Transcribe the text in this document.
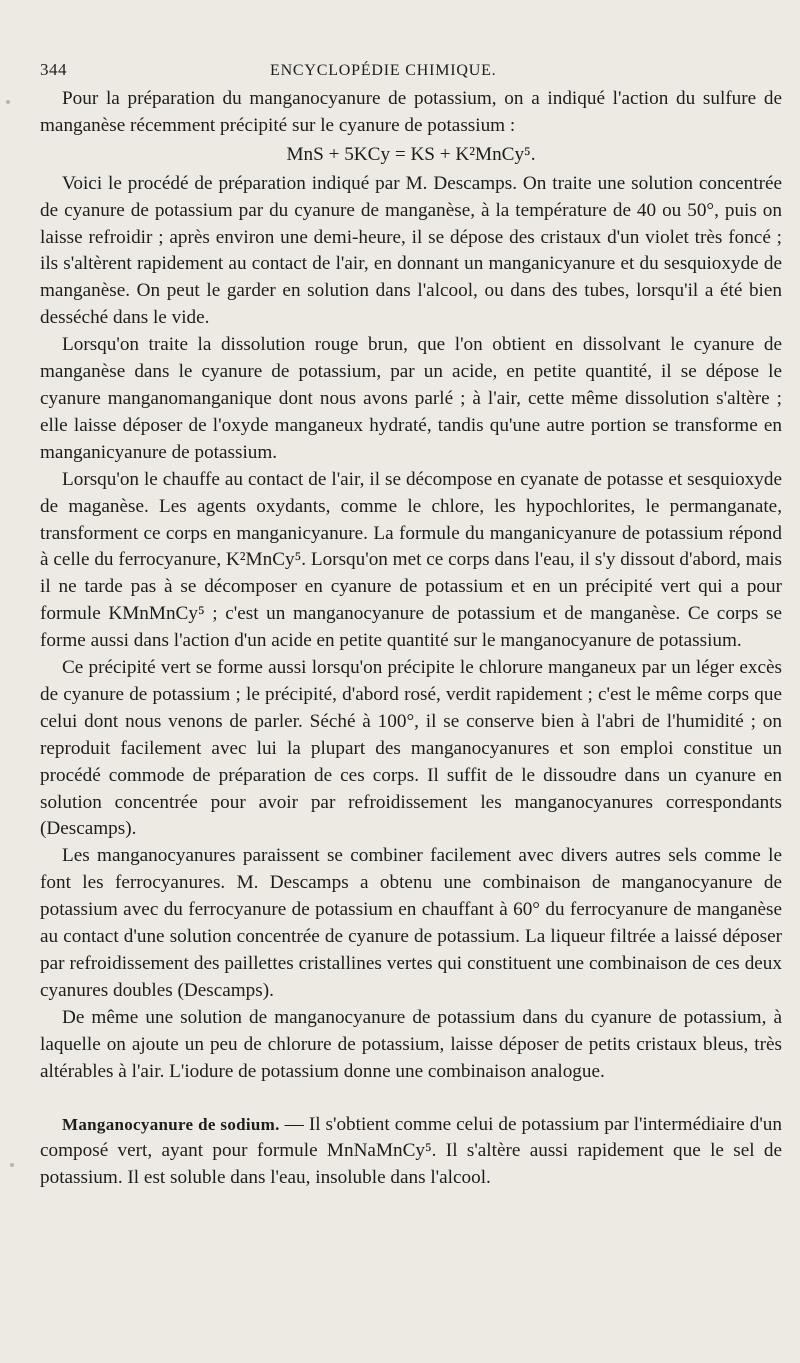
344	ENCYCLOPÉDIE CHIMIQUE.

Pour la préparation du manganocyanure de potassium, on a indiqué l'action du sulfure de manganèse récemment précipité sur le cyanure de potassium :

MnS + 5KCy = KS + K²MnCy⁵.

Voici le procédé de préparation indiqué par M. Descamps. On traite une solution concentrée de cyanure de potassium par du cyanure de manganèse, à la température de 40 ou 50°, puis on laisse refroidir ; après environ une demi-heure, il se dépose des cristaux d'un violet très foncé ; ils s'altèrent rapidement au contact de l'air, en donnant un manganicyanure et du sesquioxyde de manganèse. On peut le garder en solution dans l'alcool, ou dans des tubes, lorsqu'il a été bien desséché dans le vide.

Lorsqu'on traite la dissolution rouge brun, que l'on obtient en dissolvant le cyanure de manganèse dans le cyanure de potassium, par un acide, en petite quantité, il se dépose le cyanure manganomanganique dont nous avons parlé ; à l'air, cette même dissolution s'altère ; elle laisse déposer de l'oxyde manganeux hydraté, tandis qu'une autre portion se transforme en manganicyanure de potassium.

Lorsqu'on le chauffe au contact de l'air, il se décompose en cyanate de potasse et sesquioxyde de maganèse. Les agents oxydants, comme le chlore, les hypochlorites, le permanganate, transforment ce corps en manganicyanure. La formule du manganicyanure de potassium répond à celle du ferrocyanure, K²MnCy⁵. Lorsqu'on met ce corps dans l'eau, il s'y dissout d'abord, mais il ne tarde pas à se décomposer en cyanure de potassium et en un précipité vert qui a pour formule KMnMnCy⁵ ; c'est un manganocyanure de potassium et de manganèse. Ce corps se forme aussi dans l'action d'un acide en petite quantité sur le manganocyanure de potassium.

Ce précipité vert se forme aussi lorsqu'on précipite le chlorure manganeux par un léger excès de cyanure de potassium ; le précipité, d'abord rosé, verdit rapidement ; c'est le même corps que celui dont nous venons de parler. Séché à 100°, il se conserve bien à l'abri de l'humidité ; on reproduit facilement avec lui la plupart des manganocyanures et son emploi constitue un procédé commode de préparation de ces corps. Il suffit de le dissoudre dans un cyanure en solution concentrée pour avoir par refroidissement les manganocyanures correspondants (Descamps).

Les manganocyanures paraissent se combiner facilement avec divers autres sels comme le font les ferrocyanures. M. Descamps a obtenu une combinaison de manganocyanure de potassium avec du ferrocyanure de potassium en chauffant à 60° du ferrocyanure de manganèse au contact d'une solution concentrée de cyanure de potassium. La liqueur filtrée a laissé déposer par refroidissement des paillettes cristallines vertes qui constituent une combinaison de ces deux cyanures doubles (Descamps).

De même une solution de manganocyanure de potassium dans du cyanure de potassium, à laquelle on ajoute un peu de chlorure de potassium, laisse déposer de petits cristaux bleus, très altérables à l'air. L'iodure de potassium donne une combinaison analogue.

Manganocyanure de sodium. — Il s'obtient comme celui de potassium par l'intermédiaire d'un composé vert, ayant pour formule MnNaMnCy⁵. Il s'altère aussi rapidement que le sel de potassium. Il est soluble dans l'eau, insoluble dans l'alcool.
